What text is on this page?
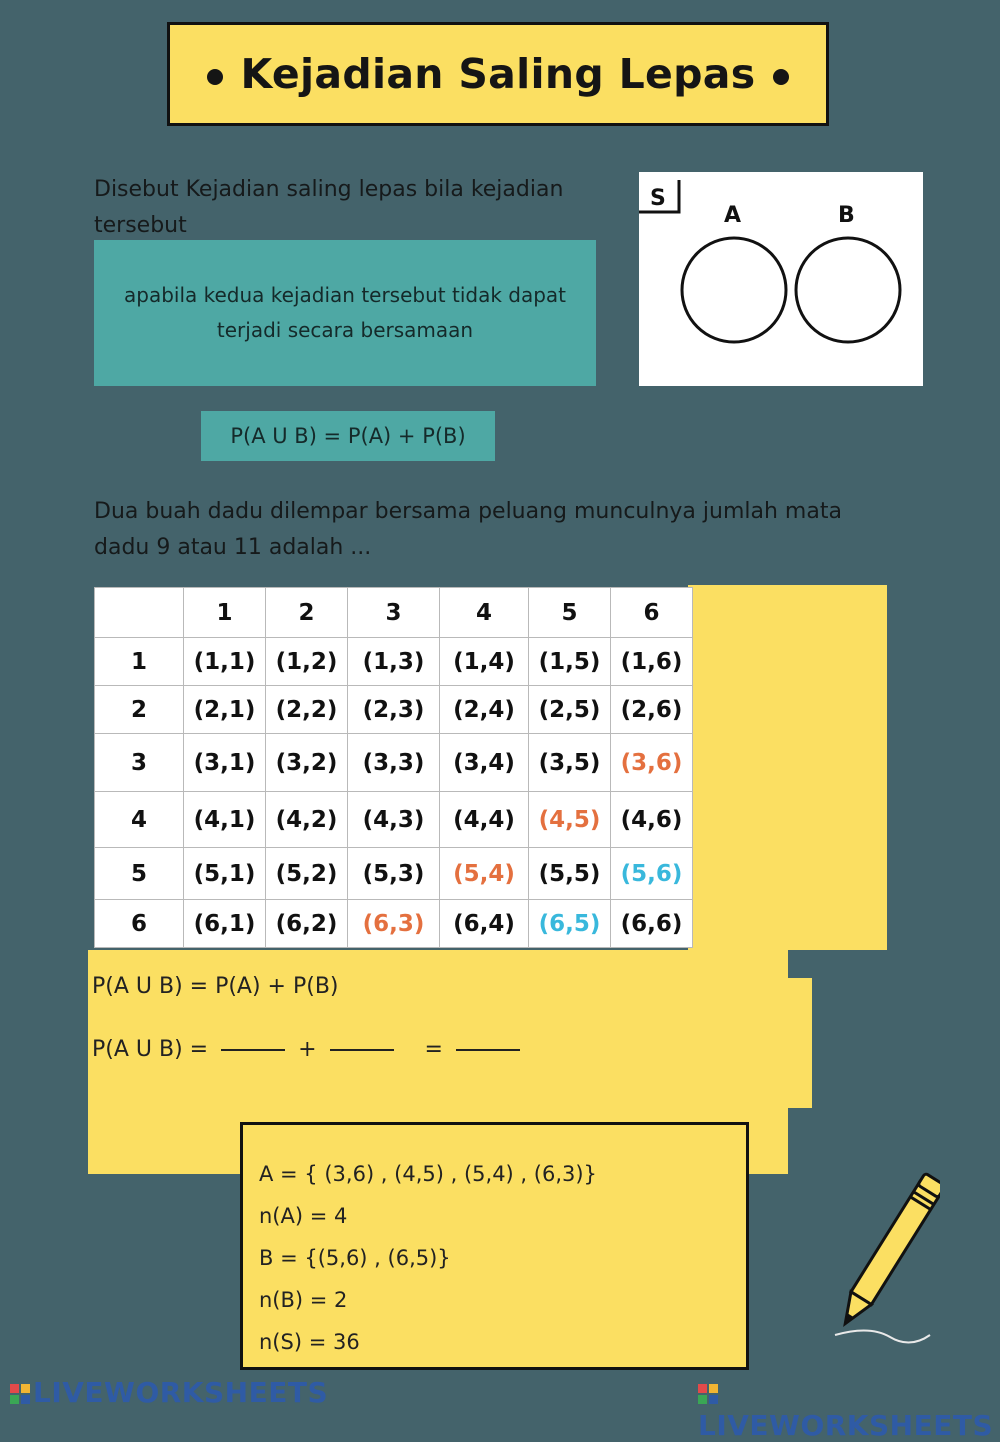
Kejadian Saling Lepas
Disebut Kejadian saling lepas bila kejadian tersebut
apabila kedua kejadian tersebut tidak dapat terjadi secara bersamaan
S
A	B
P(A U B) = P(A) + P(B)
Dua buah dadu dilempar bersama peluang munculnya jumlah mata dadu 9 atau 11 adalah ...
	1	2	3	4	5	6
1	(1,1)	(1,2)	(1,3)	(1,4)	(1,5)	(1,6)
2	(2,1)	(2,2)	(2,3)	(2,4)	(2,5)	(2,6)
3	(3,1)	(3,2)	(3,3)	(3,4)	(3,5)	(3,6)
4	(4,1)	(4,2)	(4,3)	(4,4)	(4,5)	(4,6)
5	(5,1)	(5,2)	(5,3)	(5,4)	(5,5)	(5,6)
6	(6,1)	(6,2)	(6,3)	(6,4)	(6,5)	(6,6)
P(A U B) = P(A) + P(B)
P(A U B) =	+	=
A = { (3,6) , (4,5) , (5,4) , (6,3)}
n(A) = 4
B = {(5,6) , (6,5)}
n(B) = 2
n(S) = 36
LIVEWORKSHEETS
LIVEWORKSHEETS
